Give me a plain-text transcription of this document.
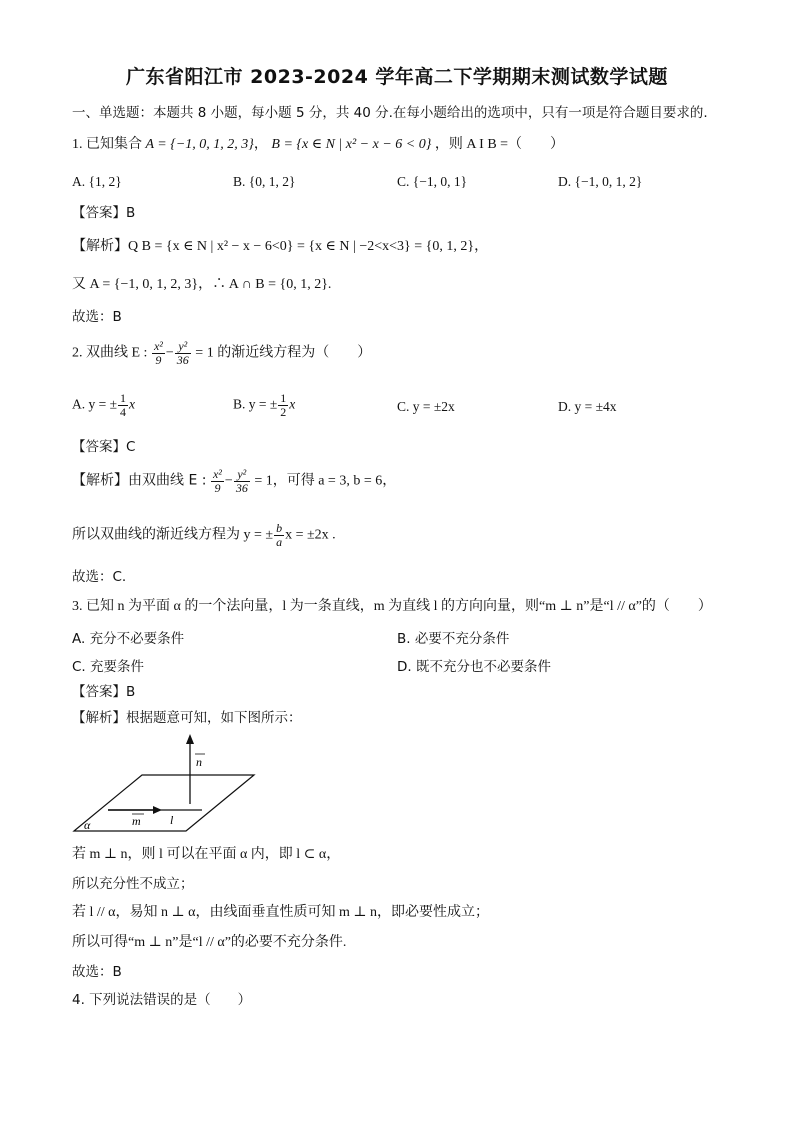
广东省阳江市 2023-2024 学年高二下学期期末测试数学试题
一、单选题：本题共 8 小题，每小题 5 分，共 40 分.在每小题给出的选项中，只有一项是符合题目要求的.
1. 已知集合 A = {−1, 0, 1, 2, 3}， B = {x ∈ N | x² − x − 6 < 0} ，则 A I B =（　　）
A. {1, 2}	B. {0, 1, 2}	C. {−1, 0, 1}	D. {−1, 0, 1, 2}
【答案】B
【解析】Q B = {x ∈ N | x² − x − 6<0} = {x ∈ N | −2<x<3} = {0, 1, 2}，
又 A = {−1, 0, 1, 2, 3}，∴ A ∩ B = {0, 1, 2}.
故选：B
2. 双曲线 E : $\frac{\text{x²}}{9} - \frac{\text{y²}}{36} = 1$ 的渐近线方程为（　　）
A. y = ± $\frac{1}{4}$ x	B. y = ± $\frac{1}{2}$ x	C. y = ±2x	D. y = ±4x
【答案】C
【解析】由双曲线 E : $\frac{\text{x²}}{9} - \frac{\text{y²}}{36} = 1$，可得 a = 3, b = 6，
所以双曲线的渐近线方程为 y = ± $\frac{b}{a}$ x = ±2x .
故选：C.
3. 已知 n 为平面 α 的一个法向量，l 为一条直线，m 为直线 l 的方向向量，则“m ⊥ n”是“l // α”的（　　）
A. 充分不必要条件	B. 必要不充分条件
C. 充要条件	D. 既不充分也不必要条件
【答案】B
【解析】根据题意可知，如下图所示：
n
m l
α
若 m ⊥ n，则 l 可以在平面 α 内，即 l ⊂ α，
所以充分性不成立；
若 l // α，易知 n ⊥ α，由线面垂直性质可知 m ⊥ n，即必要性成立；
所以可得“m ⊥ n”是“l // α”的必要不充分条件.
故选：B
4. 下列说法错误的是（　　）
